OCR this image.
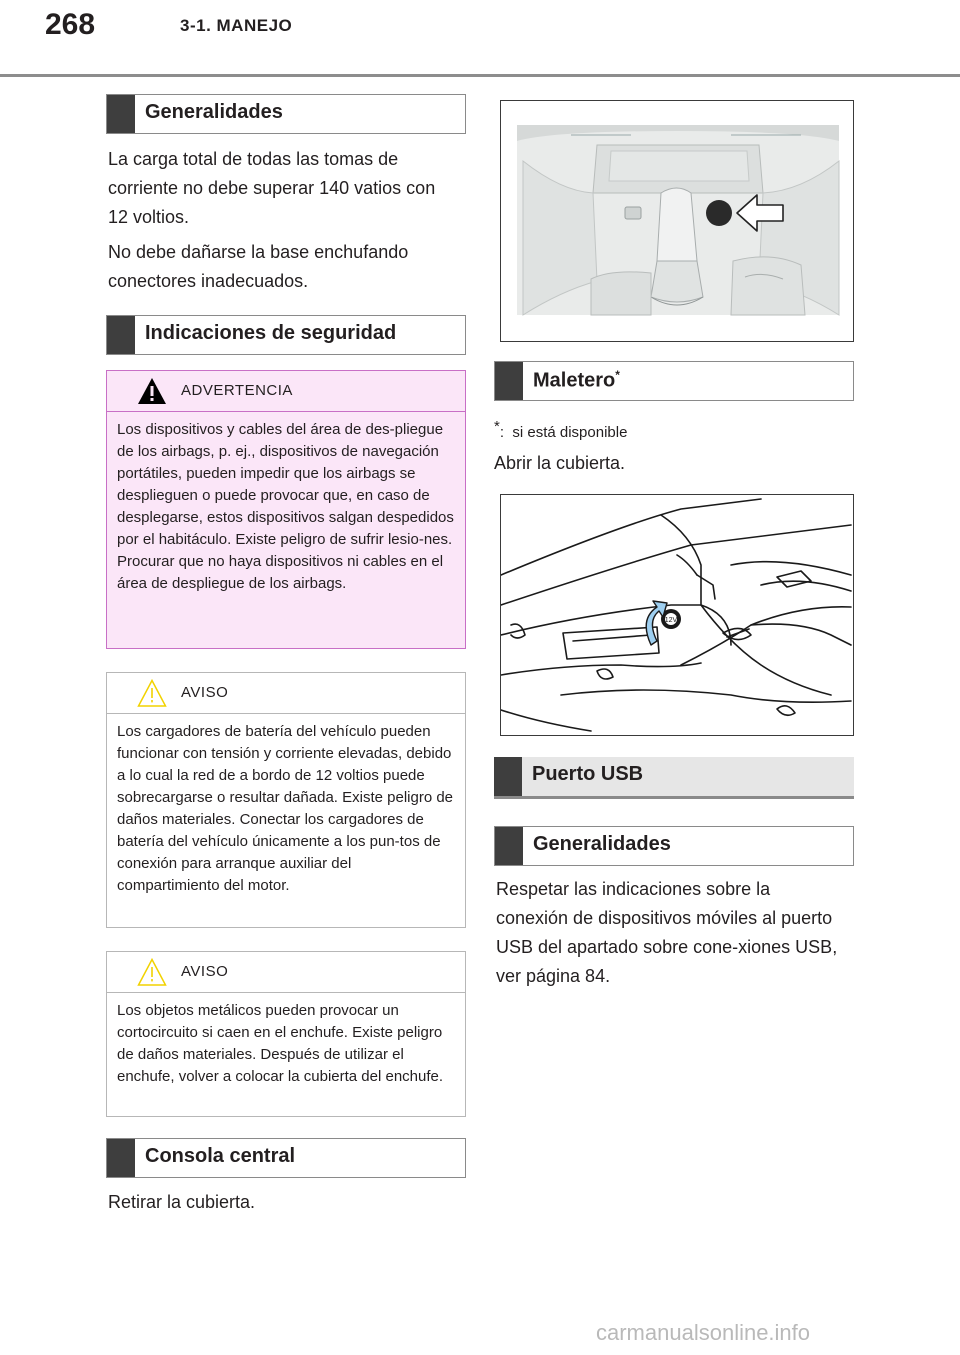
268	3-1. MANEJO
Generalidades

La carga total de todas las tomas de corriente no debe superar 140 vatios con 12 voltios.

No debe dañarse la base enchufando conectores inadecuados.

Indicaciones de seguridad
ADVERTENCIA
Los dispositivos y cables del área de des-pliegue de los airbags, p. ej., dispositivos de navegación portátiles, pueden impedir que los airbags se desplieguen o puede provocar que, en caso de desplegarse, estos dispositivos salgan despedidos por el habitáculo. Existe peligro de sufrir lesio-nes. Procurar que no haya dispositivos ni cables en el área de despliegue de los airbags.
AVISO
Los cargadores de batería del vehículo pueden funcionar con tensión y corriente elevadas, debido a lo cual la red de a bordo de 12 voltios puede sobrecargarse o resultar dañada. Existe peligro de daños materiales. Conectar los cargadores de batería del vehículo únicamente a los pun-tos de conexión para arranque auxiliar del compartimiento del motor.
AVISO
Los objetos metálicos pueden provocar un cortocircuito si caen en el enchufe. Existe peligro de daños materiales. Después de utilizar el enchufe, volver a colocar la cubierta del enchufe.
Consola central
Retirar la cubierta.
Maletero*
*: si está disponible
Abrir la cubierta.
12V
Puerto USB
Generalidades
Respetar las indicaciones sobre la conexión de dispositivos móviles al puerto USB del apartado sobre cone-xiones USB, ver página 84.
carmanualsonline.info
